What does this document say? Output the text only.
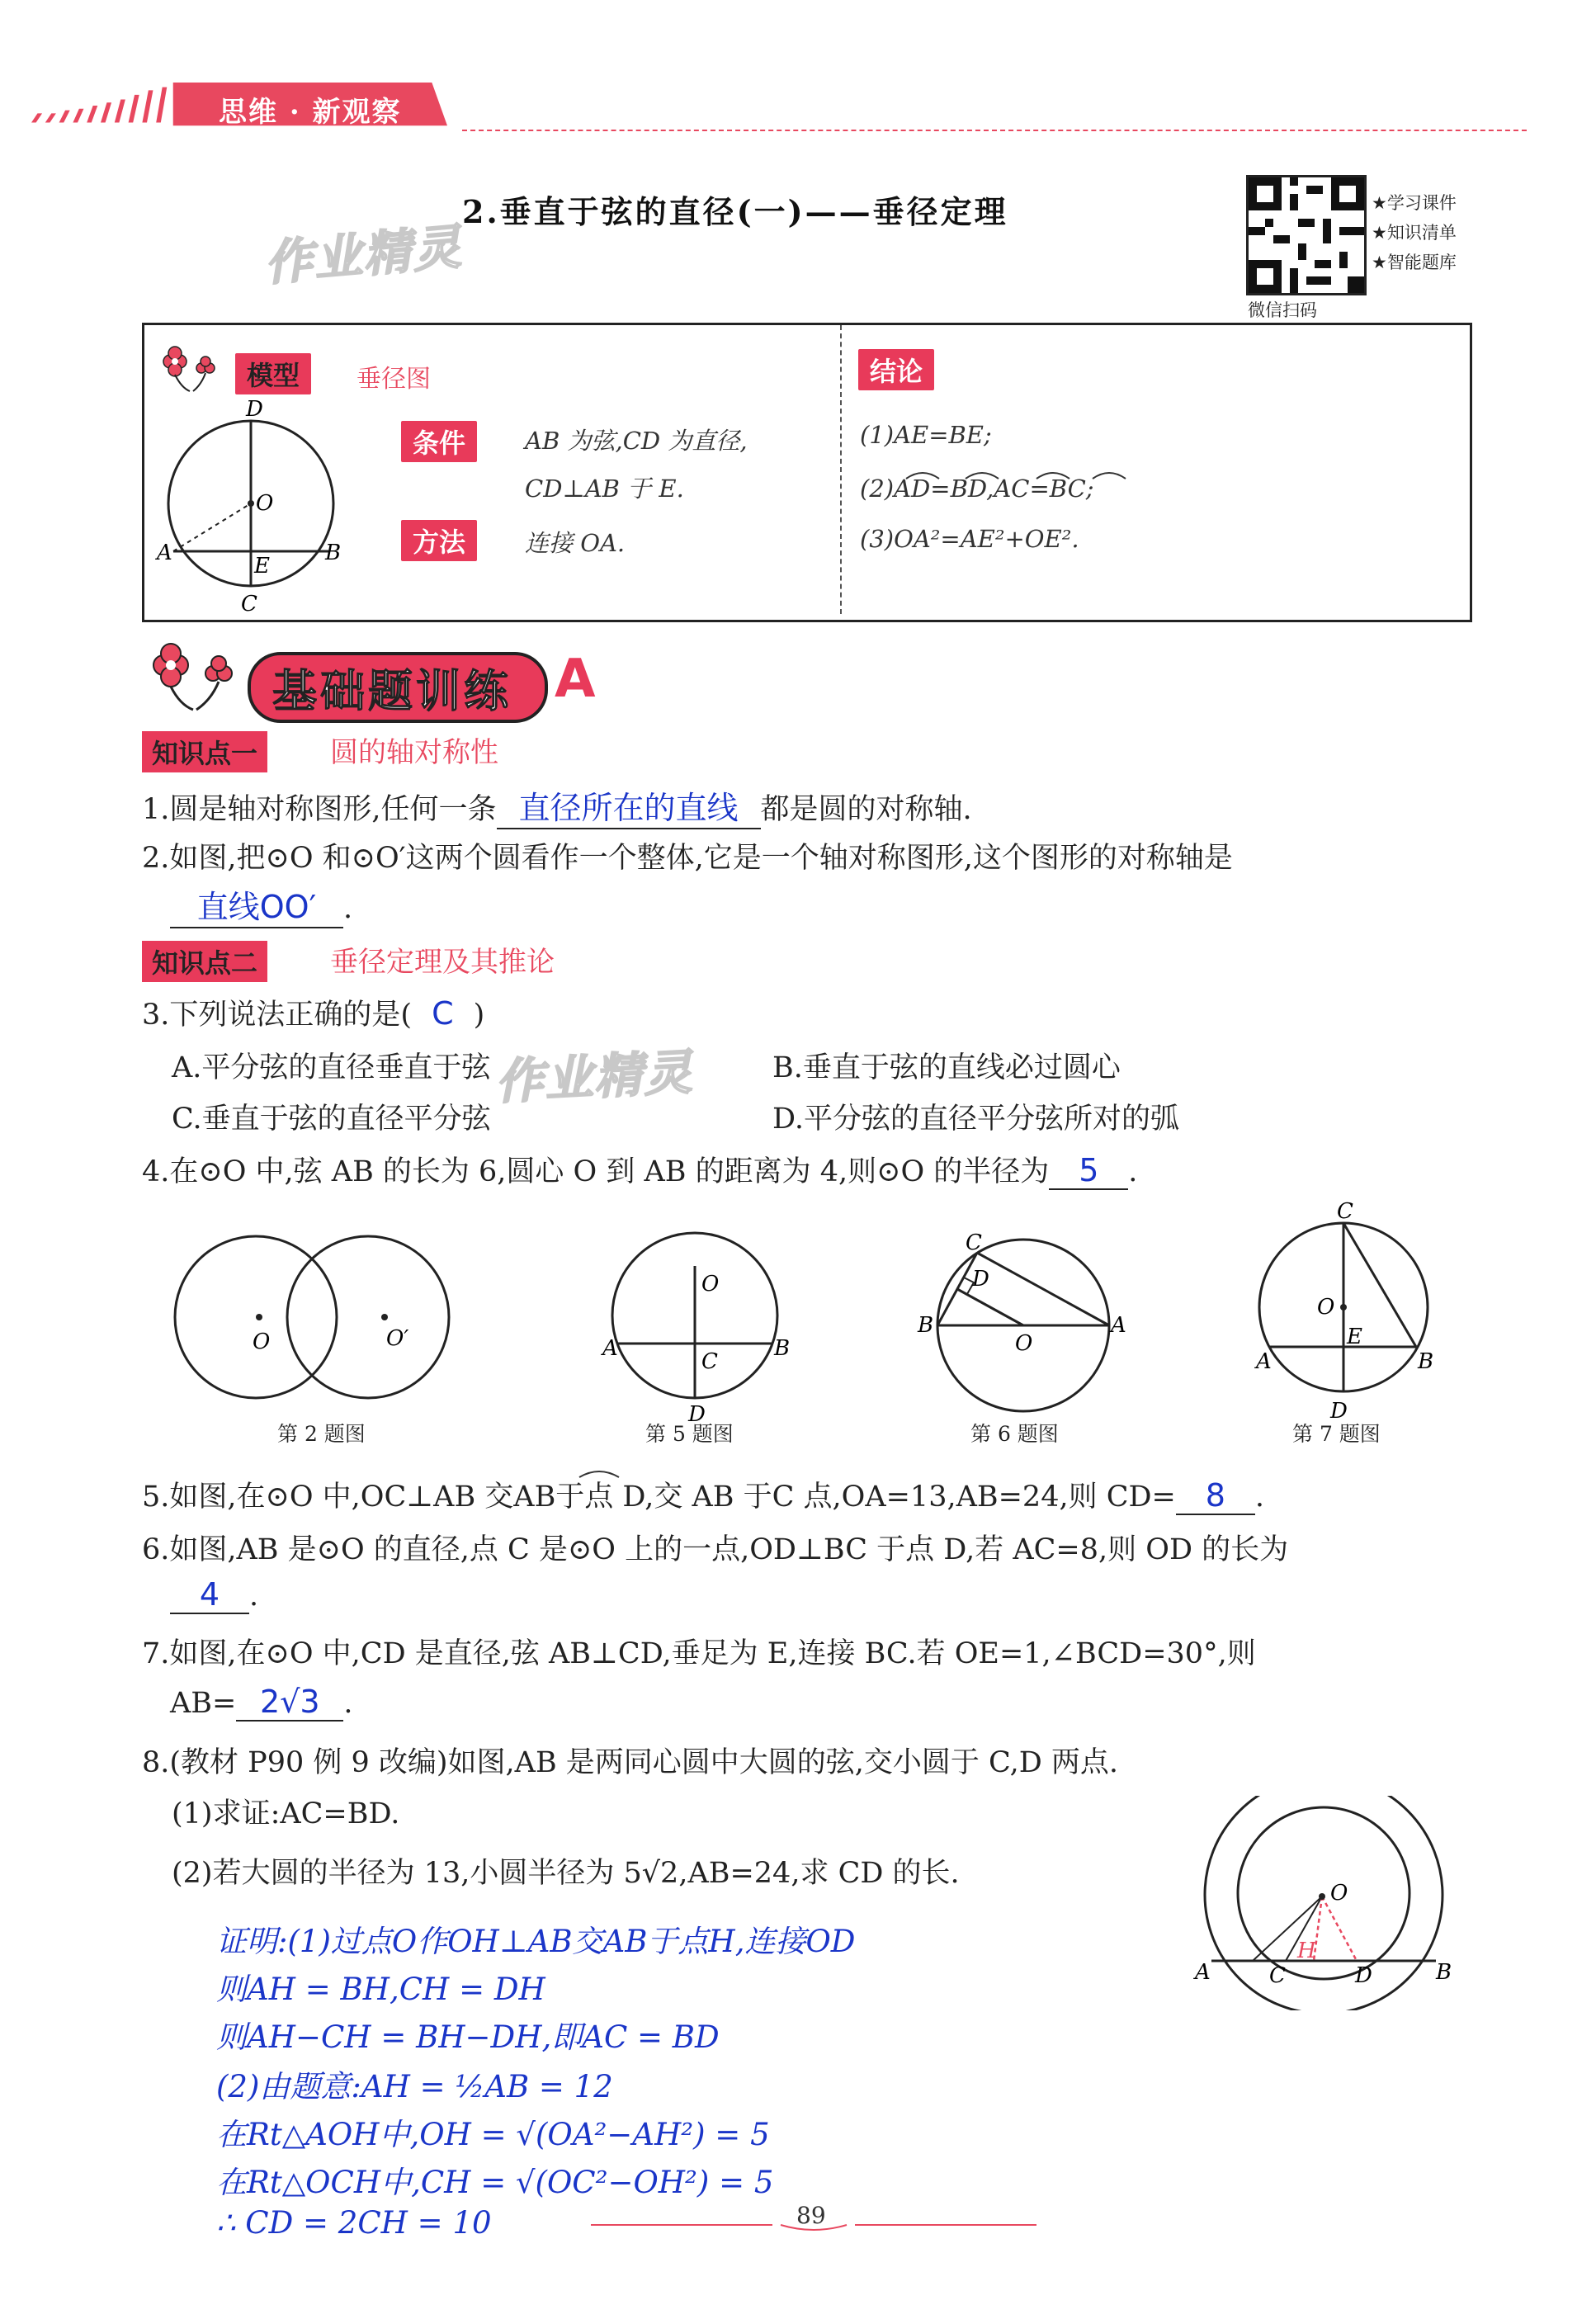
思维 · 新观察
2.垂直于弦的直径(一)——垂径定理
作业精灵
★学习课件
★知识清单
★智能题库
微信扫码
模型	垂径图
D
O
A
E
B
C
条件	AB 为弦,CD 为直径,
CD⊥AB 于 E.
方法	连接 OA.
结论
(1)AE=BE;
(2)AD=BD,AC=BC;
(3)OA²=AE²+OE².
基础题训练 A
知识点一	圆的轴对称性
1.圆是轴对称图形,任何一条 直径所在的直线 都是圆的对称轴.
2.如图,把⊙O 和⊙O′这两个圆看作一个整体,它是一个轴对称图形,这个图形的对称轴是
直线OO′ .
知识点二	垂径定理及其推论
3.下列说法正确的是( C )
A.平分弦的直径垂直于弦	B.垂直于弦的直线必过圆心
C.垂直于弦的直径平分弦	D.平分弦的直径平分弦所对的弧
作业精灵
4.在⊙O 中,弦 AB 的长为 6,圆心 O 到 AB 的距离为 4,则⊙O 的半径为 5 .
O	O′
第 2 题图
O
A	B
C
D
第 5 题图
C
D
B
O
A
第 6 题图
C
O
E
A	B
D
第 7 题图
5.如图,在⊙O 中,OC⊥AB 交AB于点 D,交 AB 于C 点,OA=13,AB=24,则 CD= 8 .
6.如图,AB 是⊙O 的直径,点 C 是⊙O 上的一点,OD⊥BC 于点 D,若 AC=8,则 OD 的长为
4 .
7.如图,在⊙O 中,CD 是直径,弦 AB⊥CD,垂足为 E,连接 BC.若 OE=1,∠BCD=30°,则
AB= 2√3 .
8.(教材 P90 例 9 改编)如图,AB 是两同心圆中大圆的弦,交小圆于 C,D 两点.
(1)求证:AC=BD.
(2)若大圆的半径为 13,小圆半径为 5√2,AB=24,求 CD 的长.
O
H
A	C	D	B
证明:(1)过点O作OH⊥AB交AB于点H,连接OD
则AH = BH,CH = DH
则AH−CH = BH−DH,即AC = BD
(2)由题意:AH = ½AB = 12
在Rt△AOH中,OH = √(OA²−AH²) = 5
在Rt△OCH中,CH = √(OC²−OH²) = 5
∴ CD = 2CH = 10	89
